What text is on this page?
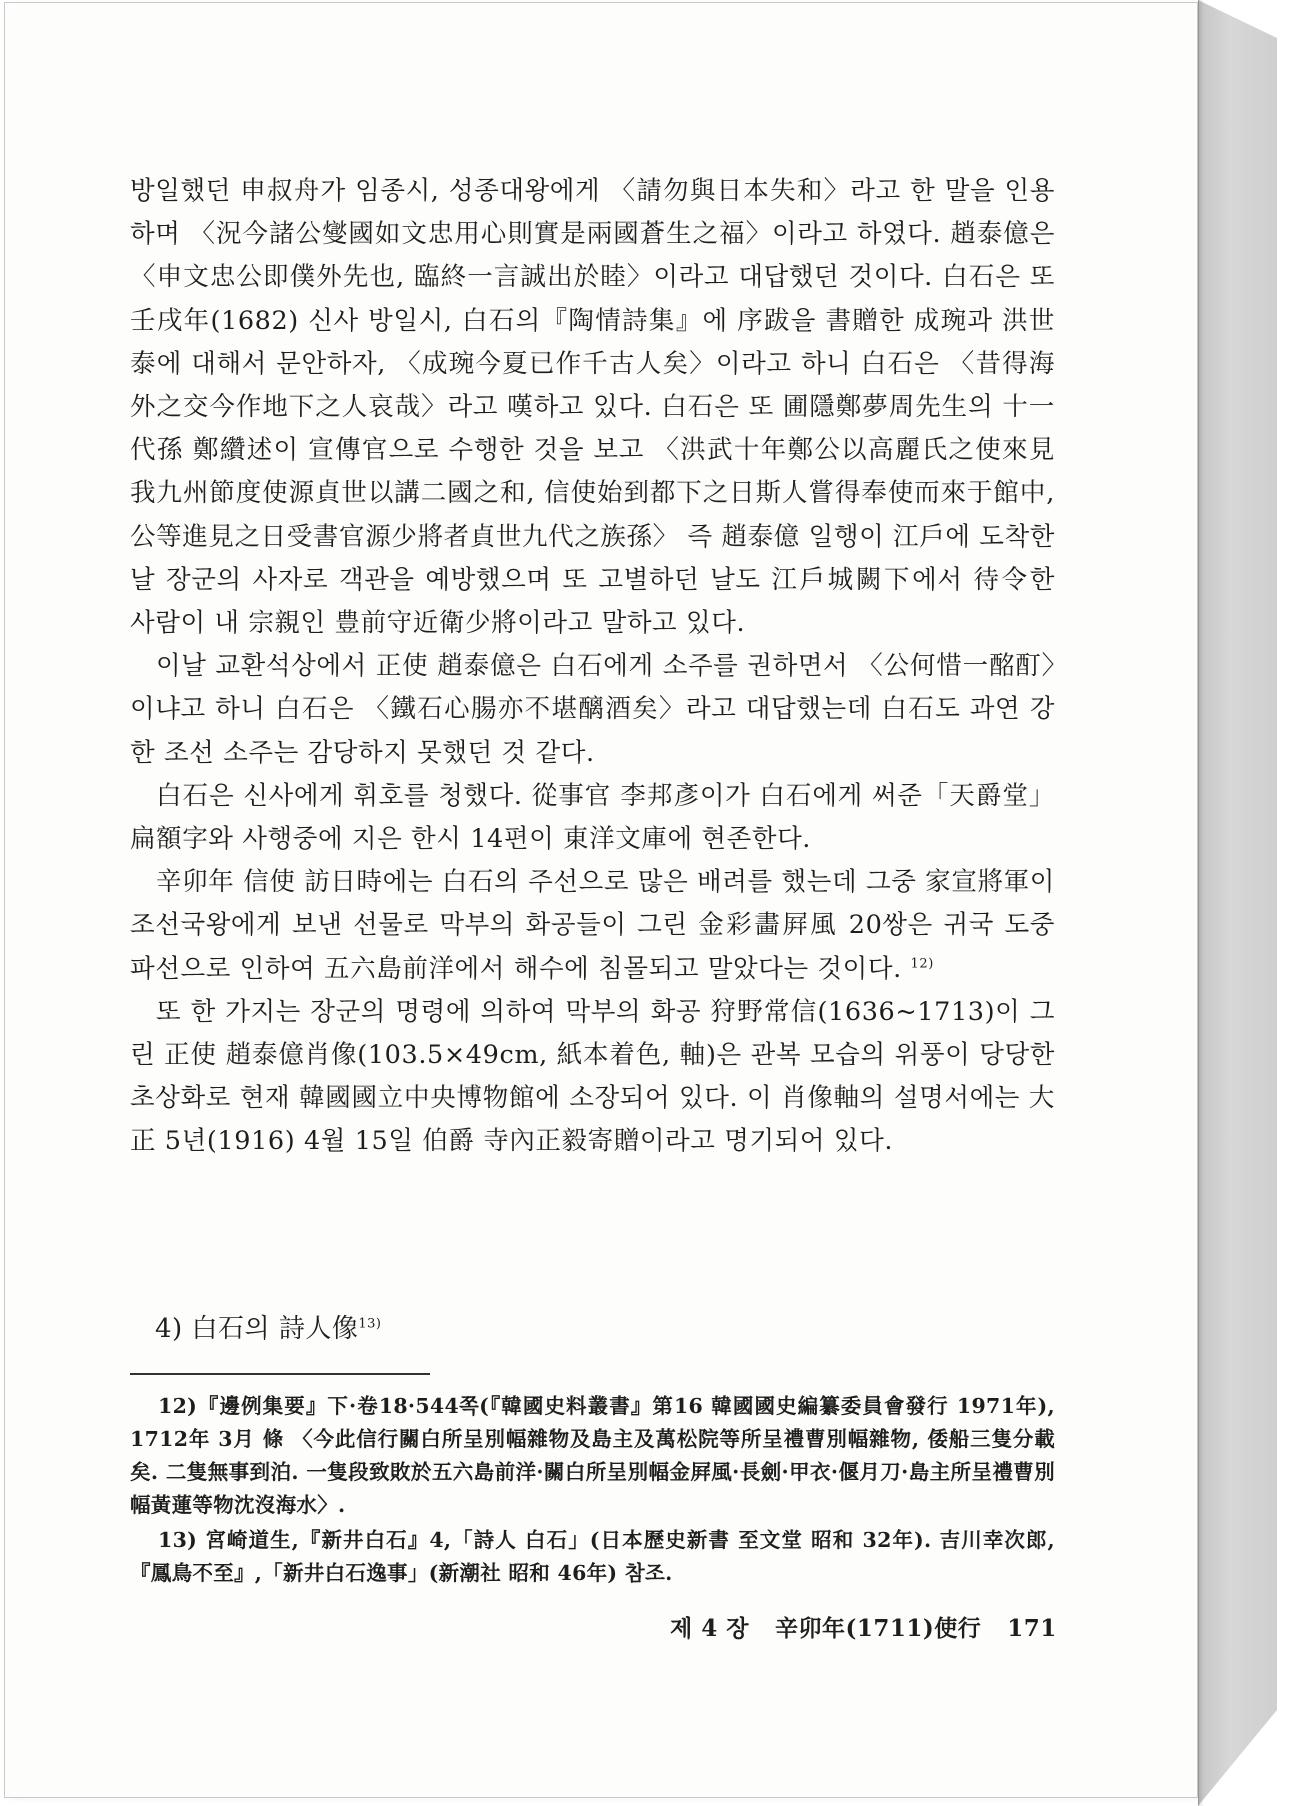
방일했던 申叔舟가 임종시, 성종대왕에게 〈請勿與日本失和〉라고 한 말을 인용하며 〈況今諸公燮國如文忠用心則實是兩國蒼生之福〉이라고 하였다. 趙泰億은 〈申文忠公即僕外先也, 臨終一言誠出於睦〉이라고 대답했던 것이다. 白石은 또 壬戌年(1682) 신사 방일시, 白石의『陶情詩集』에 序跋을 書贈한 成琬과 洪世泰에 대해서 문안하자, 〈成琬今夏已作千古人矣〉이라고 하니 白石은 〈昔得海外之交今作地下之人哀哉〉라고 嘆하고 있다. 白石은 또 圃隱鄭夢周先生의 十一代孫 鄭纘述이 宣傳官으로 수행한 것을 보고 〈洪武十年鄭公以高麗氏之使來見我九州節度使源貞世以講二國之和, 信使始到都下之日斯人嘗得奉使而來于館中, 公等進見之日受書官源少將者貞世九代之族孫〉 즉 趙泰億 일행이 江戶에 도착한 날 장군의 사자로 객관을 예방했으며 또 고별하던 날도 江戶城闕下에서 待令한 사람이 내 宗親인 豊前守近衛少將이라고 말하고 있다.

이날 교환석상에서 正使 趙泰億은 白石에게 소주를 권하면서 〈公何惜一酩酊〉이냐고 하니 白石은 〈鐵石心腸亦不堪醨酒矣〉라고 대답했는데 白石도 과연 강한 조선 소주는 감당하지 못했던 것 같다.

白石은 신사에게 휘호를 청했다. 從事官 李邦彥이가 白石에게 써준「天爵堂」扁額字와 사행중에 지은 한시 14편이 東洋文庫에 현존한다.

辛卯年 信使 訪日時에는 白石의 주선으로 많은 배려를 했는데 그중 家宣將軍이 조선국왕에게 보낸 선물로 막부의 화공들이 그린 金彩畵屛風 20쌍은 귀국 도중 파선으로 인하여 五六島前洋에서 해수에 침몰되고 말았다는 것이다. $^{12)}$

또 한 가지는 장군의 명령에 의하여 막부의 화공 狩野常信(1636~1713)이 그린 正使 趙泰億肖像(103.5×49cm, 紙本着色, 軸)은 관복 모습의 위풍이 당당한 초상화로 현재 韓國國立中央博物館에 소장되어 있다. 이 肖像軸의 설명서에는 大正 5년(1916) 4월 15일 伯爵 寺內正毅寄贈이라고 명기되어 있다.

4) 白石의 詩人像$^{13)}$

12)『邊例集要』下·卷18·544쪽(『韓國史料叢書』第16 韓國國史編纂委員會發行 1971年), 1712年 3月 條 〈今此信行關白所呈別幅雜物及島主及萬松院等所呈禮曹別幅雜物, 倭船三隻分載矣. 二隻無事到泊. 一隻段致敗於五六島前洋·關白所呈別幅金屛風·長劍·甲衣·偃月刀·島主所呈禮曹別幅黃蓮等物沈沒海水〉.

13) 宮崎道生,『新井白石』4,「詩人 白石」(日本歷史新書 至文堂 昭和 32年). 吉川幸次郎,『鳳鳥不至』,「新井白石逸事」(新潮社 昭和 46年) 참조.

제 4 장 辛卯年(1711)使行 171
